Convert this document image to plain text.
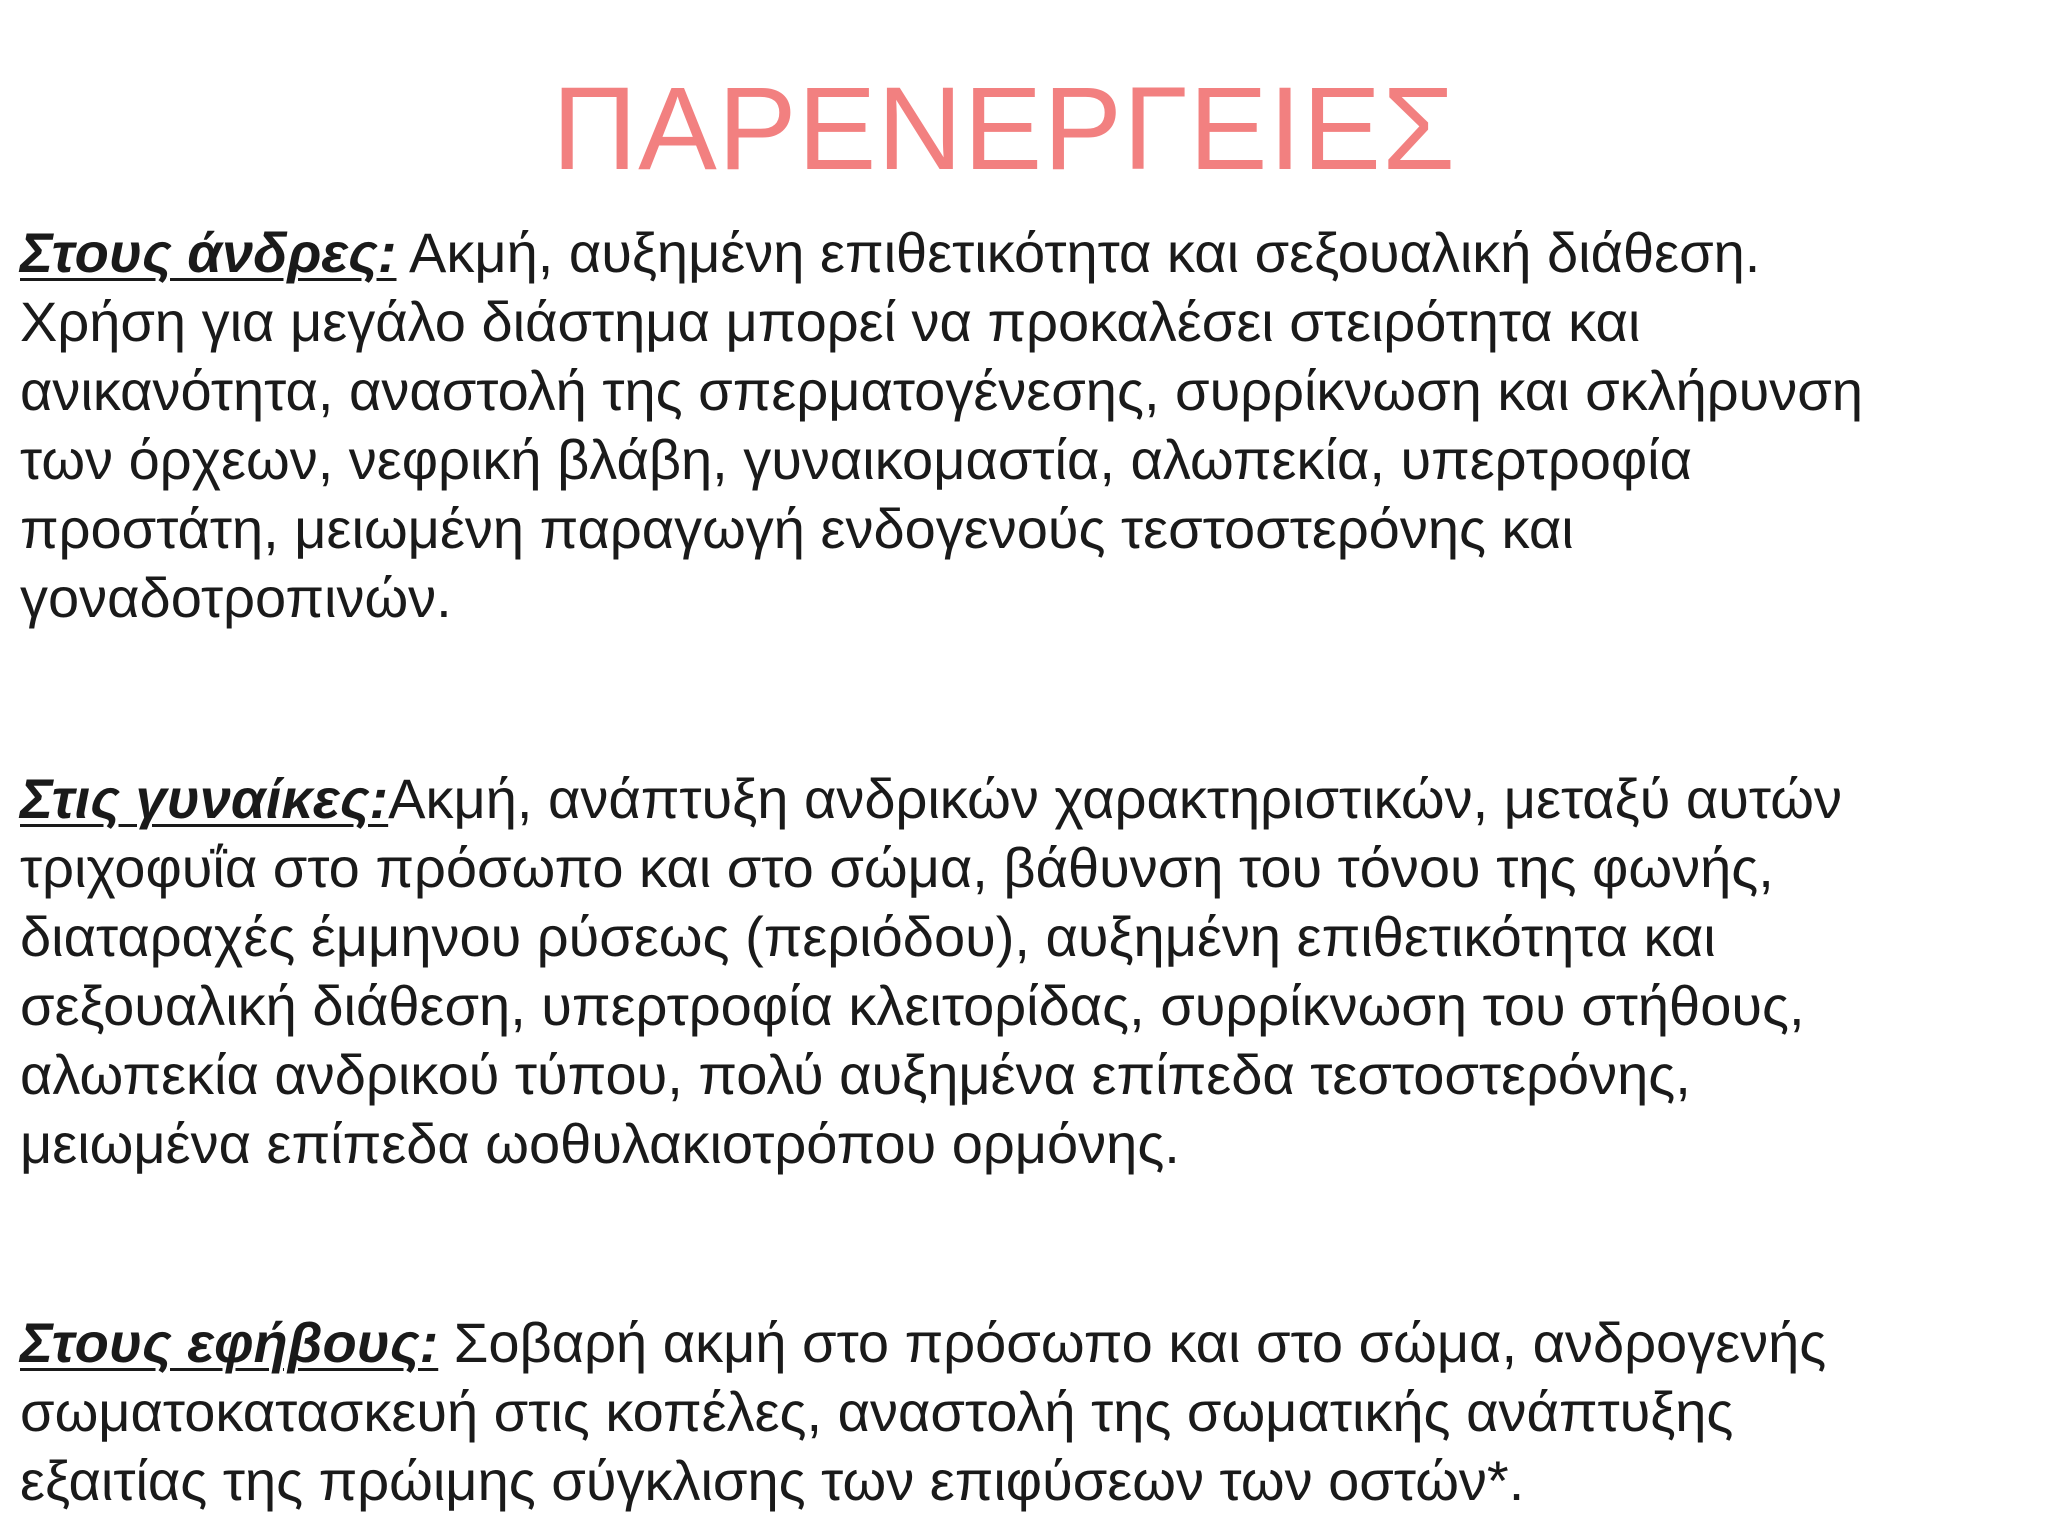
ΠΑΡΕΝΕΡΓΕΙΕΣ

Στους άνδρες: Ακμή, αυξημένη επιθετικότητα και σεξουαλική διάθεση.
Χρήση για μεγάλο διάστημα μπορεί να προκαλέσει στειρότητα και
ανικανότητα, αναστολή της σπερματογένεσης, συρρίκνωση και σκλήρυνση
των όρχεων, νεφρική βλάβη, γυναικομαστία, αλωπεκία, υπερτροφία
προστάτη, μειωμένη παραγωγή ενδογενούς τεστοστερόνης και
γοναδοτροπινών.

Στις γυναίκες:Ακμή, ανάπτυξη ανδρικών χαρακτηριστικών, μεταξύ αυτών
τριχοφυΐα στο πρόσωπο και στο σώμα, βάθυνση του τόνου της φωνής,
διαταραχές έμμηνου ρύσεως (περιόδου), αυξημένη επιθετικότητα και
σεξουαλική διάθεση, υπερτροφία κλειτορίδας, συρρίκνωση του στήθους,
αλωπεκία ανδρικού τύπου, πολύ αυξημένα επίπεδα τεστοστερόνης,
μειωμένα επίπεδα ωοθυλακιοτρόπου ορμόνης.

Στους εφήβους: Σοβαρή ακμή στο πρόσωπο και στο σώμα, ανδρογενής
σωματοκατασκευή στις κοπέλες, αναστολή της σωματικής ανάπτυξης
εξαιτίας της πρώιμης σύγκλισης των επιφύσεων των οστών*.
